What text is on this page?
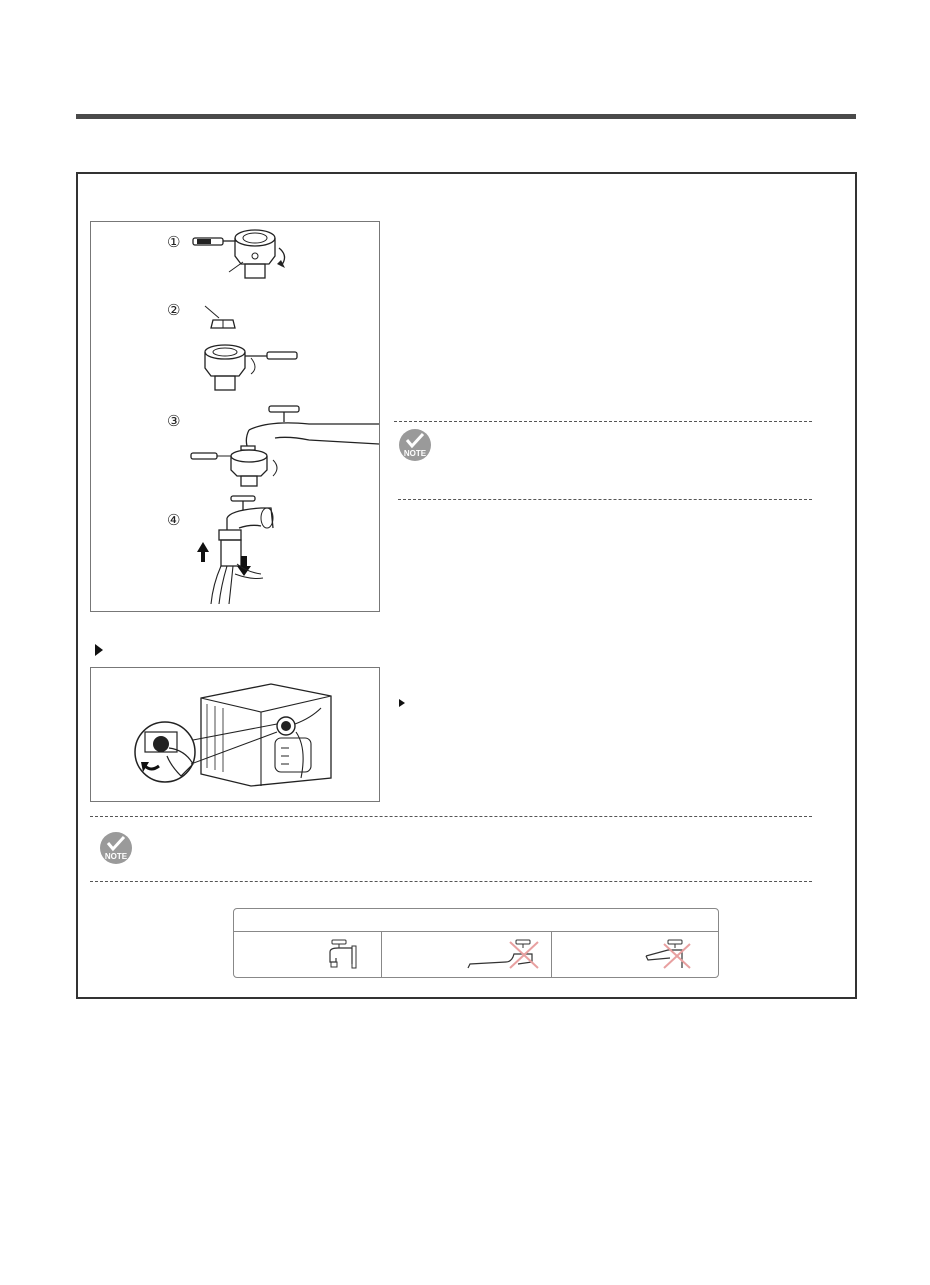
①
②
③
④
NOTE
NOTE
